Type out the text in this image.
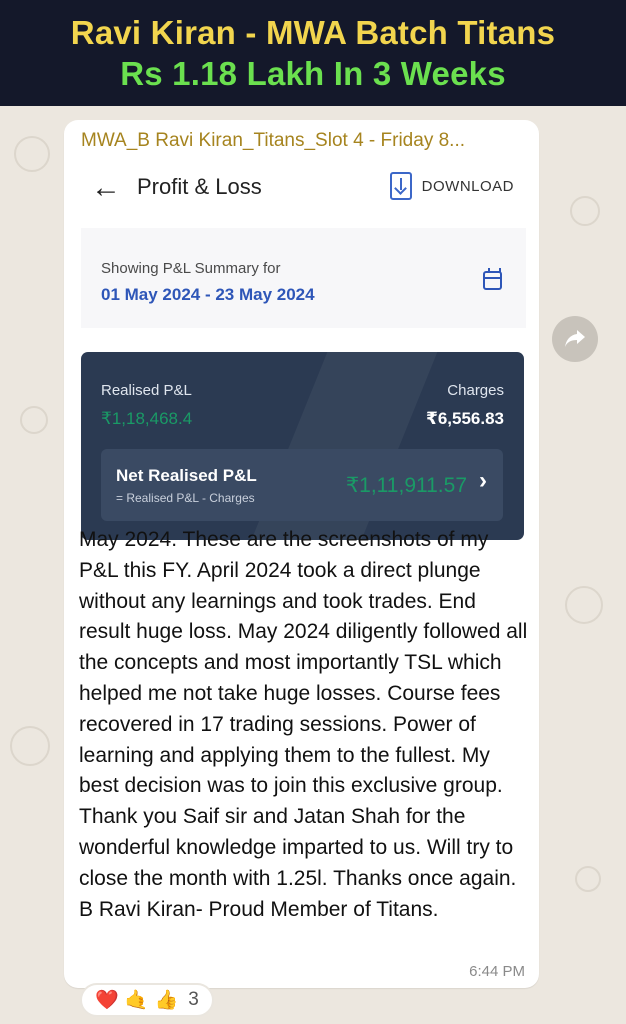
Ravi Kiran - MWA Batch Titans
Rs 1.18 Lakh In 3 Weeks
MWA_B Ravi Kiran_Titans_Slot 4 - Friday 8...
← Profit & Loss	DOWNLOAD
Showing P&L Summary for
01 May 2024 - 23 May 2024
Realised P&L
₹1,18,468.4
Charges
₹6,556.83
Net Realised P&L
= Realised P&L - Charges
₹1,11,911.57 ›
May 2024. These are the screenshots of my P&L this FY. April 2024 took a direct plunge without any learnings and took trades. End result huge loss. May 2024 diligently followed all the concepts and most importantly TSL which helped me not take huge losses. Course fees recovered in 17 trading sessions. Power of learning and applying them to the fullest. My best decision was to join this exclusive group. Thank you Saif sir and Jatan Shah for the wonderful knowledge imparted to us. Will try to close the month with 1.25l. Thanks once again. B Ravi Kiran- Proud Member of Titans.
6:44 PM
❤️ 🤙 👍 3
